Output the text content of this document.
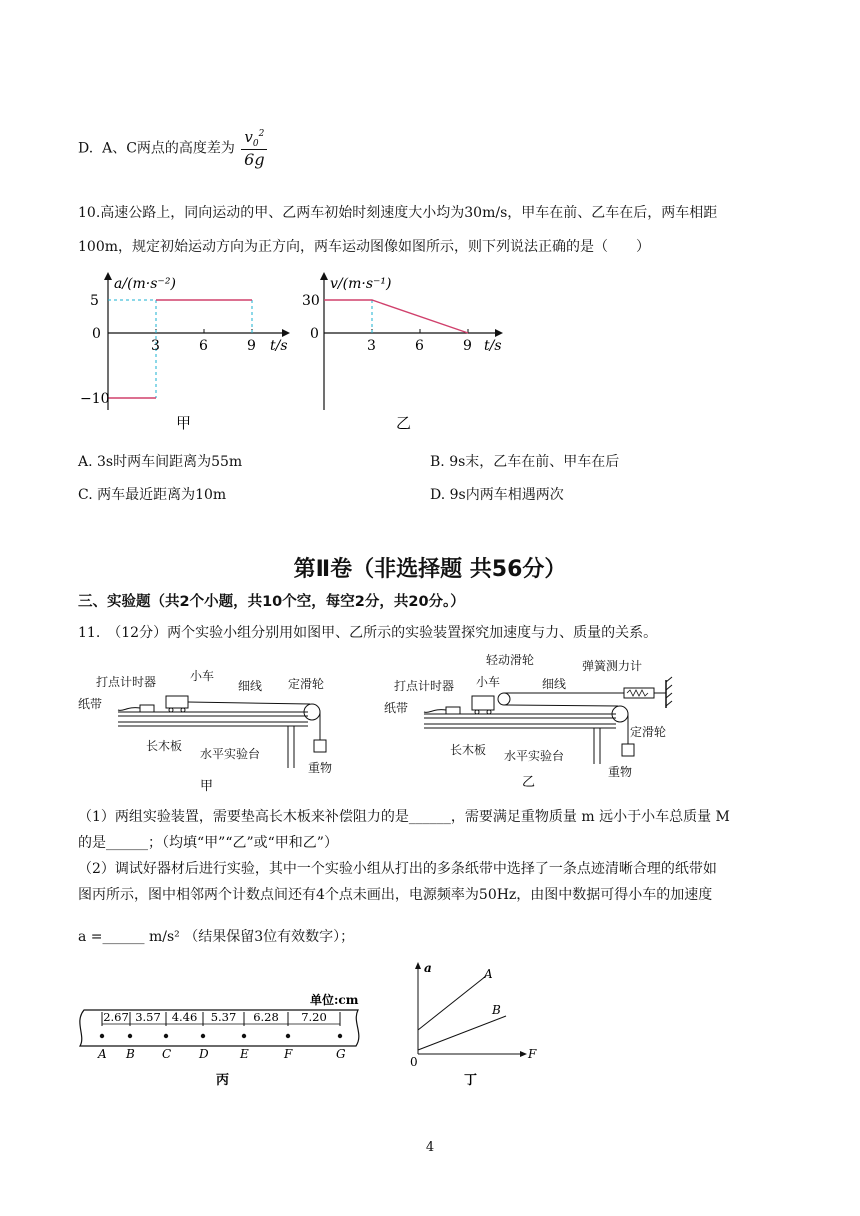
D. A、C两点的高度差为 $\frac{v_0^2}{6g}$
10.高速公路上，同向运动的甲、乙两车初始时刻速度大小均为30m/s，甲车在前、乙车在后，两车相距
100m，规定初始运动方向为正方向，两车运动图像如图所示，则下列说法正确的是（　　）
a/(m·s⁻²)
5
0
−10
3	6	9 t/s
甲
v/(m·s⁻¹)
30
0
3	6	9 t/s
乙
A. 3s时两车间距离为55m	B. 9s末，乙车在前、甲车在后
C. 两车最近距离为10m	D. 9s内两车相遇两次
第Ⅱ卷（非选择题 共56分）
三、实验题（共2个小题，共10个空，每空2分，共20分。）
11.　（12分）两个实验小组分别用如图甲、乙所示的实验装置探究加速度与力、质量的关系。
打点计时器	小车
细线 定滑轮
纸带
长木板
水平实验台
重物
甲
轻动滑轮	弹簧测力计
打点计时器 小车	细线
纸带
定滑轮
长木板 水平实验台
重物
乙
（1）两组实验装置，需要垫高长木板来补偿阻力的是______，需要满足重物质量 m 远小于小车总质量 M
的是______；（均填“甲”“乙”或“甲和乙”）
（2）调试好器材后进行实验，其中一个实验小组从打出的多条纸带中选择了一条点迹清晰合理的纸带如
图丙所示，图中相邻两个计数点间还有4个点未画出，电源频率为50Hz，由图中数据可得小车的加速度
a =______ m/s² （结果保留3位有效数字）；
单位:cm
A B C D	E	F	G
2.67 3.57 4.46 5.37 6.28 7.20
丙
a
F
0
A
B
丁
4
